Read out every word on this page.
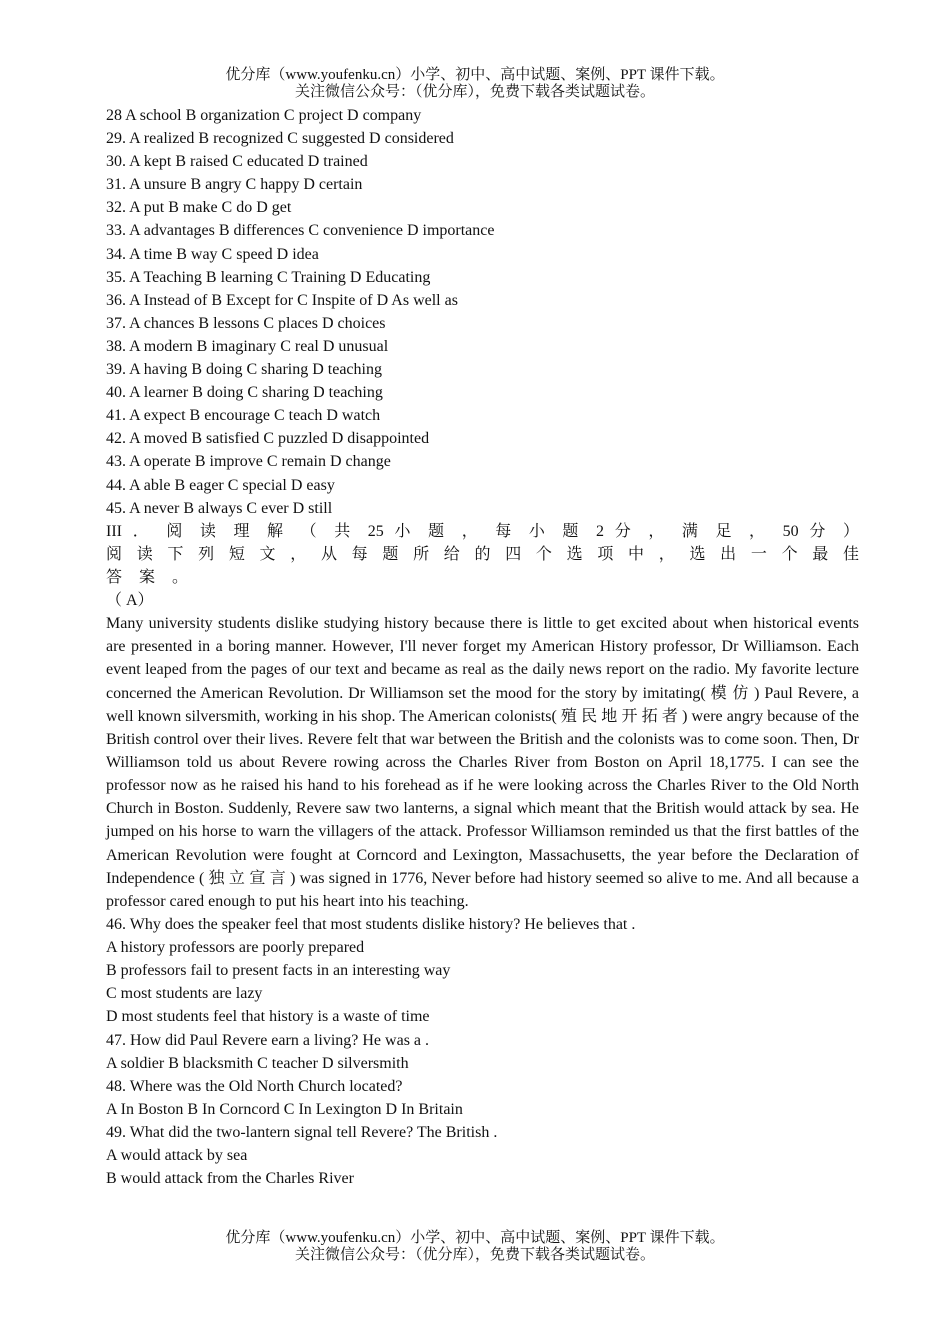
优分库（www.youfenku.cn）小学、初中、高中试题、案例、PPT 课件下载。
关注微信公众号：（优分库），免费下载各类试题试卷。
28 A school B organization C project D company
29. A realized B recognized C suggested D considered
30. A kept B raised C educated D trained
31. A unsure B angry C happy D certain
32. A put B make C do D get
33. A advantages B differences C convenience D importance
34. A time B way C speed D idea
35. A Teaching B learning C Training D Educating
36. A Instead of B Except for C Inspite of D As well as
37. A chances B lessons C places D choices
38. A modern B imaginary C real D unusual
39. A having B doing C sharing D teaching
40. A learner B doing C sharing D teaching
41. A expect B encourage C teach D watch
42. A moved B satisfied C puzzled D disappointed
43. A operate B improve C remain D change
44. A able B eager C special D easy
45. A never B always C ever D still
III ． 阅 读 理 解 （ 共 25 小 题 ， 每 小 题 2 分 ， 满 足 ， 50 分 ）
阅 读 下 列 短 文 ， 从 每 题 所 给 的 四 个 选 项 中 ， 选 出 一 个 最 佳
答案。
（ A）

Many university students dislike studying history because there is little to get excited about when historical events are presented in a boring manner. However, I'll never forget my American History professor, Dr Williamson. Each event leaped from the pages of our text and became as real as the daily news report on the radio. My favorite lecture concerned the American Revolution. Dr Williamson set the mood for the story by imitating( 模 仿 ) Paul Revere, a well known silversmith, working in his shop. The American colonists( 殖 民 地 开 拓 者 ) were angry because of the British control over their lives. Revere felt that war between the British and the colonists was to come soon. Then, Dr Williamson told us about Revere rowing across the Charles River from Boston on April 18,1775. I can see the professor now as he raised his hand to his forehead as if he were looking across the Charles River to the Old North Church in Boston. Suddenly, Revere saw two lanterns, a signal which meant that the British would attack by sea. He jumped on his horse to warn the villagers of the attack. Professor Williamson reminded us that the first battles of the American Revolution were fought at Corncord and Lexington, Massachusetts, the year before the Declaration of Independence ( 独 立 宣 言 ) was signed in 1776, Never before had history seemed so alive to me. And all because a professor cared enough to put his heart into his teaching.

46. Why does the speaker feel that most students dislike history? He believes that .
A history professors are poorly prepared
B professors fail to present facts in an interesting way
C most students are lazy
D most students feel that history is a waste of time
47. How did Paul Revere earn a living? He was a .
A soldier B blacksmith C teacher D silversmith
48. Where was the Old North Church located?
A In Boston B In Corncord C In Lexington D In Britain
49. What did the two-lantern signal tell Revere? The British .
A would attack by sea
B would attack from the Charles River
优分库（www.youfenku.cn）小学、初中、高中试题、案例、PPT 课件下载。
关注微信公众号：（优分库），免费下载各类试题试卷。
